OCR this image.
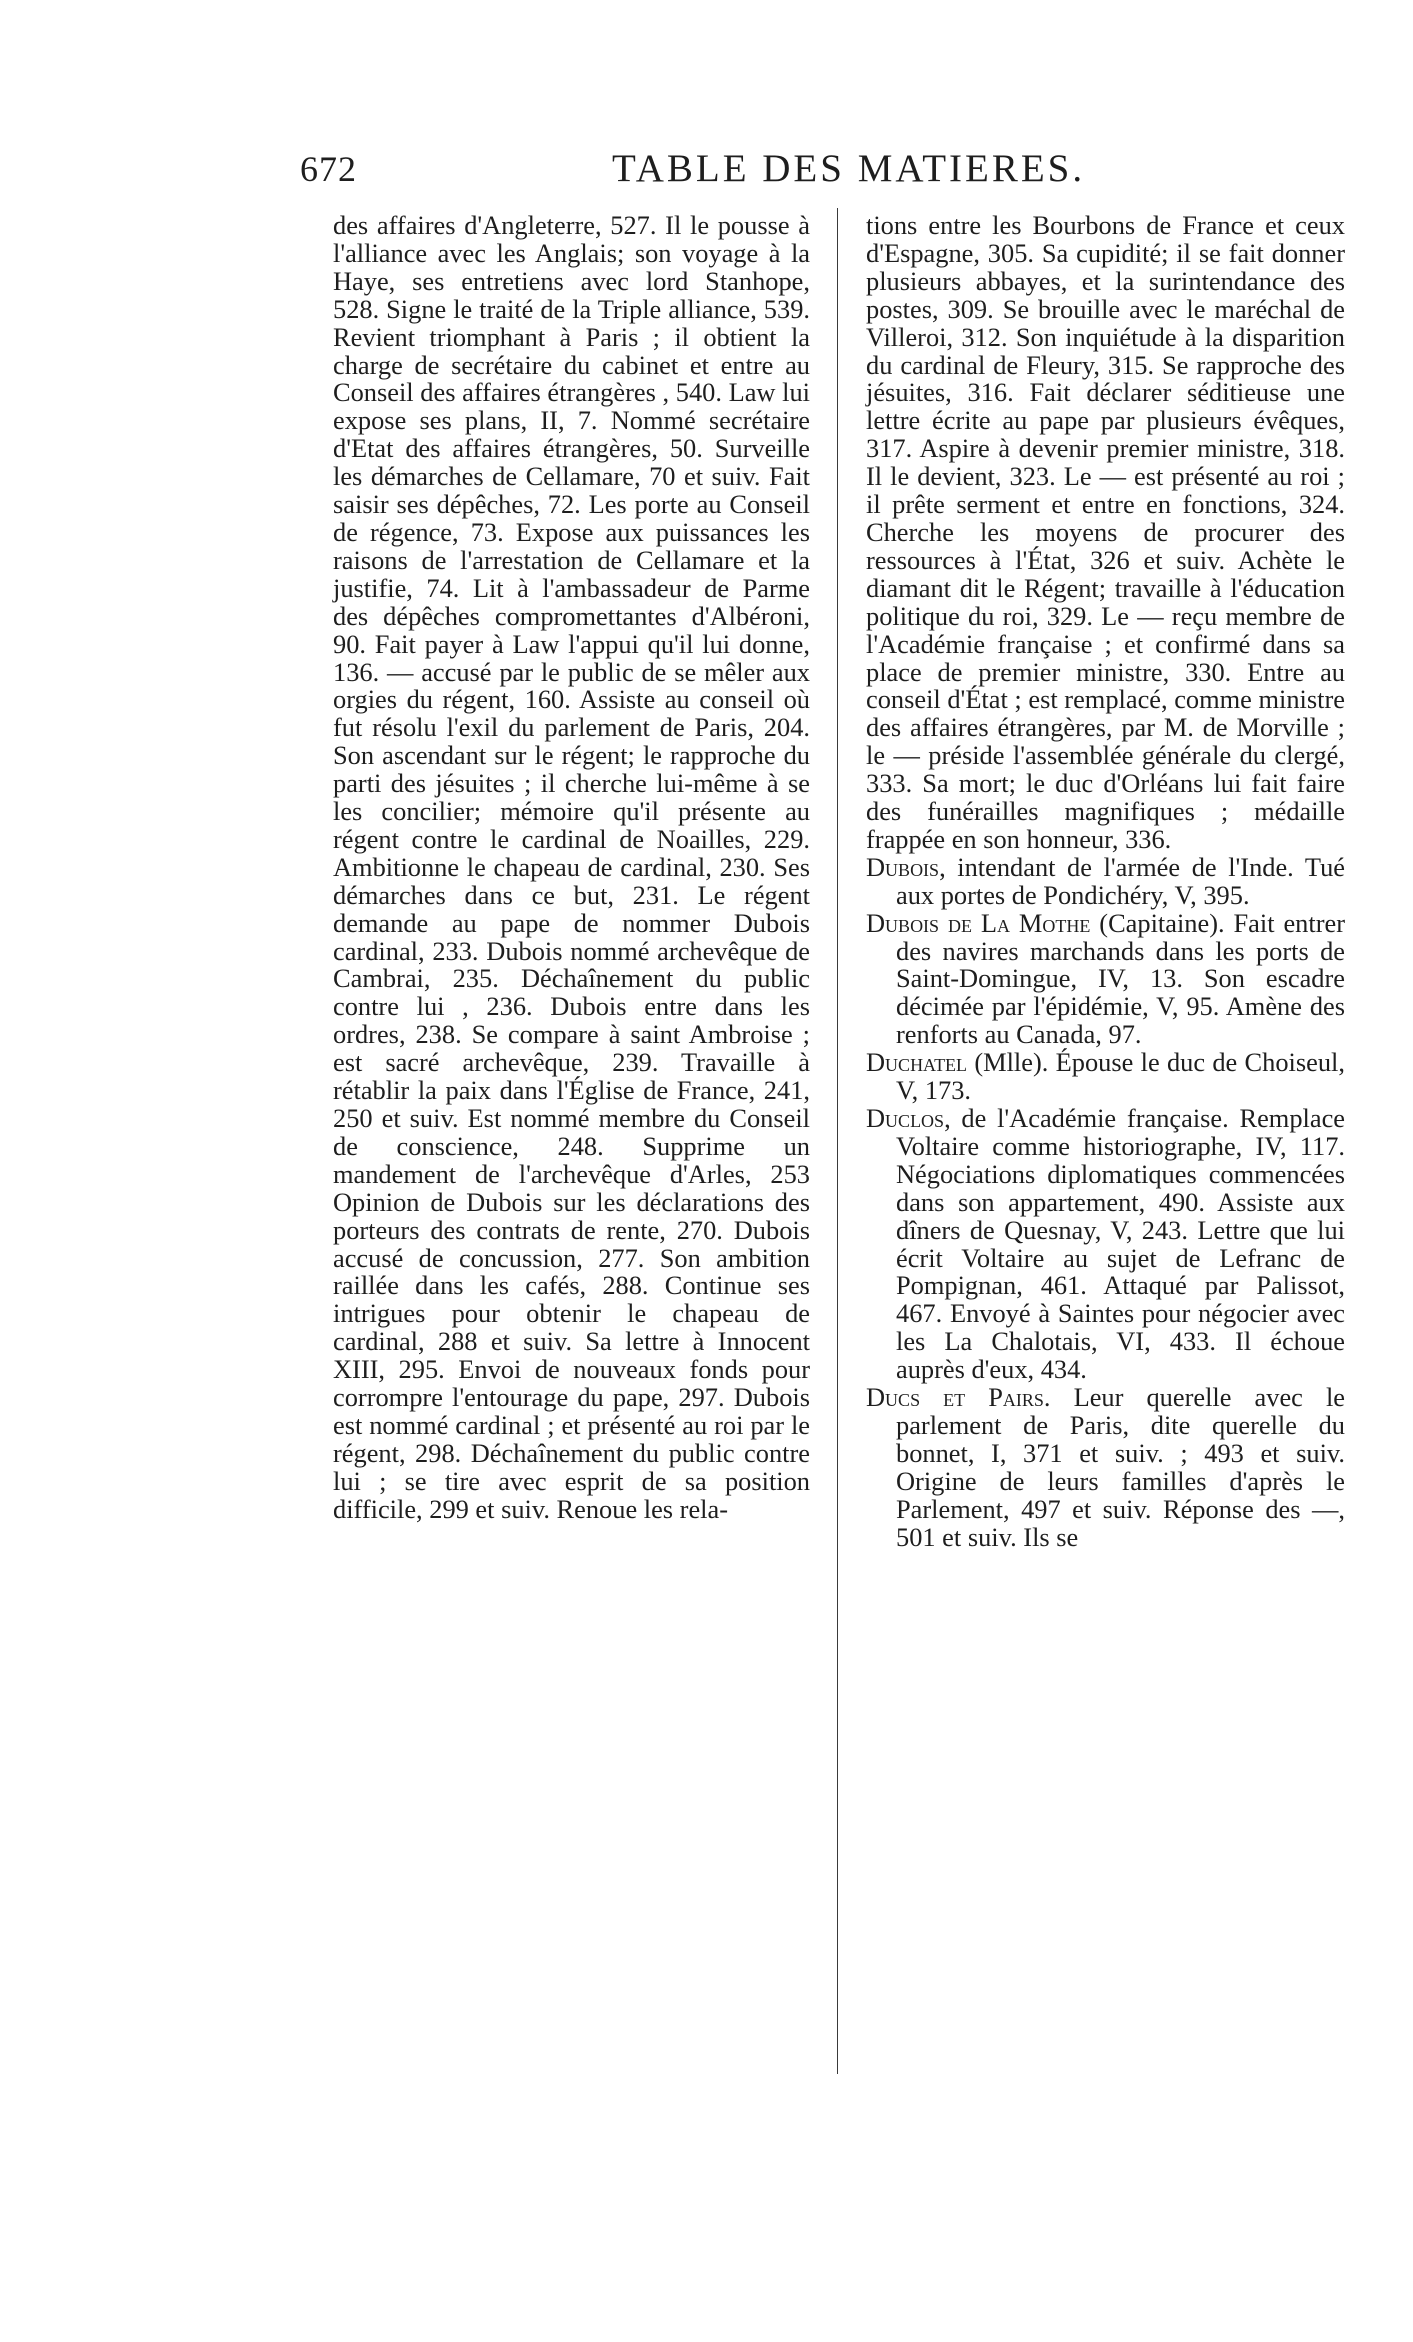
672	TABLE DES MATIERES.

des affaires d'Angleterre, 527. Il le pousse à l'alliance avec les Anglais; son voyage à la Haye, ses entretiens avec lord Stanhope, 528. Signe le traité de la Triple alliance, 539. Revient triomphant à Paris ; il obtient la charge de secrétaire du cabinet et entre au Conseil des affaires étrangères , 540. Law lui expose ses plans, II, 7. Nommé secrétaire d'Etat des affaires étrangères, 50. Surveille les démarches de Cellamare, 70 et suiv. Fait saisir ses dépêches, 72. Les porte au Conseil de régence, 73. Expose aux puissances les raisons de l'arrestation de Cellamare et la justifie, 74. Lit à l'ambassadeur de Parme des dépêches compromettantes d'Albéroni, 90. Fait payer à Law l'appui qu'il lui donne, 136. — accusé par le public de se mêler aux orgies du régent, 160. Assiste au conseil où fut résolu l'exil du parlement de Paris, 204. Son ascendant sur le régent; le rapproche du parti des jésuites ; il cherche lui-même à se les concilier; mémoire qu'il présente au régent contre le cardinal de Noailles, 229. Ambitionne le chapeau de cardinal, 230. Ses démarches dans ce but, 231. Le régent demande au pape de nommer Dubois cardinal, 233. Dubois nommé archevêque de Cambrai, 235. Déchaînement du public contre lui , 236. Dubois entre dans les ordres, 238. Se compare à saint Ambroise ; est sacré archevêque, 239. Travaille à rétablir la paix dans l'Église de France, 241, 250 et suiv. Est nommé membre du Conseil de conscience, 248. Supprime un mandement de l'archevêque d'Arles, 253 Opinion de Dubois sur les déclarations des porteurs des contrats de rente, 270. Dubois accusé de concussion, 277. Son ambition raillée dans les cafés, 288. Continue ses intrigues pour obtenir le chapeau de cardinal, 288 et suiv. Sa lettre à Innocent XIII, 295. Envoi de nouveaux fonds pour corrompre l'entourage du pape, 297. Dubois est nommé cardinal ; et présenté au roi par le régent, 298. Déchaînement du public contre lui ; se tire avec esprit de sa position difficile, 299 et suiv. Renoue les rela-

tions entre les Bourbons de France et ceux d'Espagne, 305. Sa cupidité; il se fait donner plusieurs abbayes, et la surintendance des postes, 309. Se brouille avec le maréchal de Villeroi, 312. Son inquiétude à la disparition du cardinal de Fleury, 315. Se rapproche des jésuites, 316. Fait déclarer séditieuse une lettre écrite au pape par plusieurs évêques, 317. Aspire à devenir premier ministre, 318. Il le devient, 323. Le — est présenté au roi ; il prête serment et entre en fonctions, 324. Cherche les moyens de procurer des ressources à l'État, 326 et suiv. Achète le diamant dit le Régent; travaille à l'éducation politique du roi, 329. Le — reçu membre de l'Académie française ; et confirmé dans sa place de premier ministre, 330. Entre au conseil d'État ; est remplacé, comme ministre des affaires étrangères, par M. de Morville ; le — préside l'assemblée générale du clergé, 333. Sa mort; le duc d'Orléans lui fait faire des funérailles magnifiques ; médaille frappée en son honneur, 336.

Dubois, intendant de l'armée de l'Inde. Tué aux portes de Pondichéry, V, 395.

Dubois de La Mothe (Capitaine). Fait entrer des navires marchands dans les ports de Saint-Domingue, IV, 13. Son escadre décimée par l'épidémie, V, 95. Amène des renforts au Canada, 97.

Duchatel (Mlle). Épouse le duc de Choiseul, V, 173.

Duclos, de l'Académie française. Remplace Voltaire comme historiographe, IV, 117. Négociations diplomatiques commencées dans son appartement, 490. Assiste aux dîners de Quesnay, V, 243. Lettre que lui écrit Voltaire au sujet de Lefranc de Pompignan, 461. Attaqué par Palissot, 467. Envoyé à Saintes pour négocier avec les La Chalotais, VI, 433. Il échoue auprès d'eux, 434.

Ducs et Pairs. Leur querelle avec le parlement de Paris, dite querelle du bonnet, I, 371 et suiv. ; 493 et suiv. Origine de leurs familles d'après le Parlement, 497 et suiv. Réponse des —, 501 et suiv. Ils se
